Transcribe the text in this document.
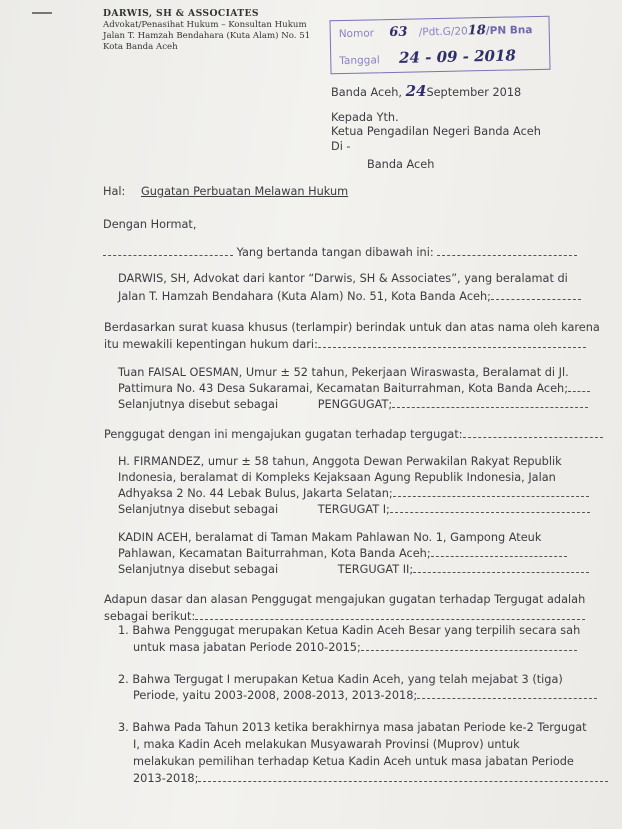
DARWIS, SH & ASSOCIATES
Advokat/Penasihat Hukum – Konsultan Hukum
Jalan T. Hamzah Bendahara (Kuta Alam) No. 51
Kota Banda Aceh
Nomor 63 /Pdt.G/2018/PN Bna
Tanggal 24 - 09 - 2018
Banda Aceh, 24September 2018
Kepada Yth.
Ketua Pengadilan Negeri Banda Aceh
Di -
Banda Aceh
Hal: Gugatan Perbuatan Melawan Hukum
Dengan Hormat,
Yang bertanda tangan dibawah ini:
DARWIS, SH, Advokat dari kantor “Darwis, SH & Associates”, yang beralamat di
Jalan T. Hamzah Bendahara (Kuta Alam) No. 51, Kota Banda Aceh;
Berdasarkan surat kuasa khusus (terlampir) berindak untuk dan atas nama oleh karena
itu mewakili kepentingan hukum dari:
Tuan FAISAL OESMAN, Umur ± 52 tahun, Pekerjaan Wiraswasta, Beralamat di Jl.
Pattimura No. 43 Desa Sukaramai, Kecamatan Baiturrahman, Kota Banda Aceh;
Selanjutnya disebut sebagai	PENGGUGAT;
Penggugat dengan ini mengajukan gugatan terhadap tergugat:
H. FIRMANDEZ, umur ± 58 tahun, Anggota Dewan Perwakilan Rakyat Republik
Indonesia, beralamat di Kompleks Kejaksaan Agung Republik Indonesia, Jalan
Adhyaksa 2 No. 44 Lebak Bulus, Jakarta Selatan;
Selanjutnya disebut sebagai	TERGUGAT I;
KADIN ACEH, beralamat di Taman Makam Pahlawan No. 1, Gampong Ateuk
Pahlawan, Kecamatan Baiturrahman, Kota Banda Aceh;
Selanjutnya disebut sebagai	TERGUGAT II;
Adapun dasar dan alasan Penggugat mengajukan gugatan terhadap Tergugat adalah
sebagai berikut:
1. Bahwa Penggugat merupakan Ketua Kadin Aceh Besar yang terpilih secara sah
untuk masa jabatan Periode 2010-2015;
2. Bahwa Tergugat I merupakan Ketua Kadin Aceh, yang telah mejabat 3 (tiga)
Periode, yaitu 2003-2008, 2008-2013, 2013-2018;
3. Bahwa Pada Tahun 2013 ketika berakhirnya masa jabatan Periode ke-2 Tergugat
I, maka Kadin Aceh melakukan Musyawarah Provinsi (Muprov) untuk
melakukan pemilihan terhadap Ketua Kadin Aceh untuk masa jabatan Periode
2013-2018;
